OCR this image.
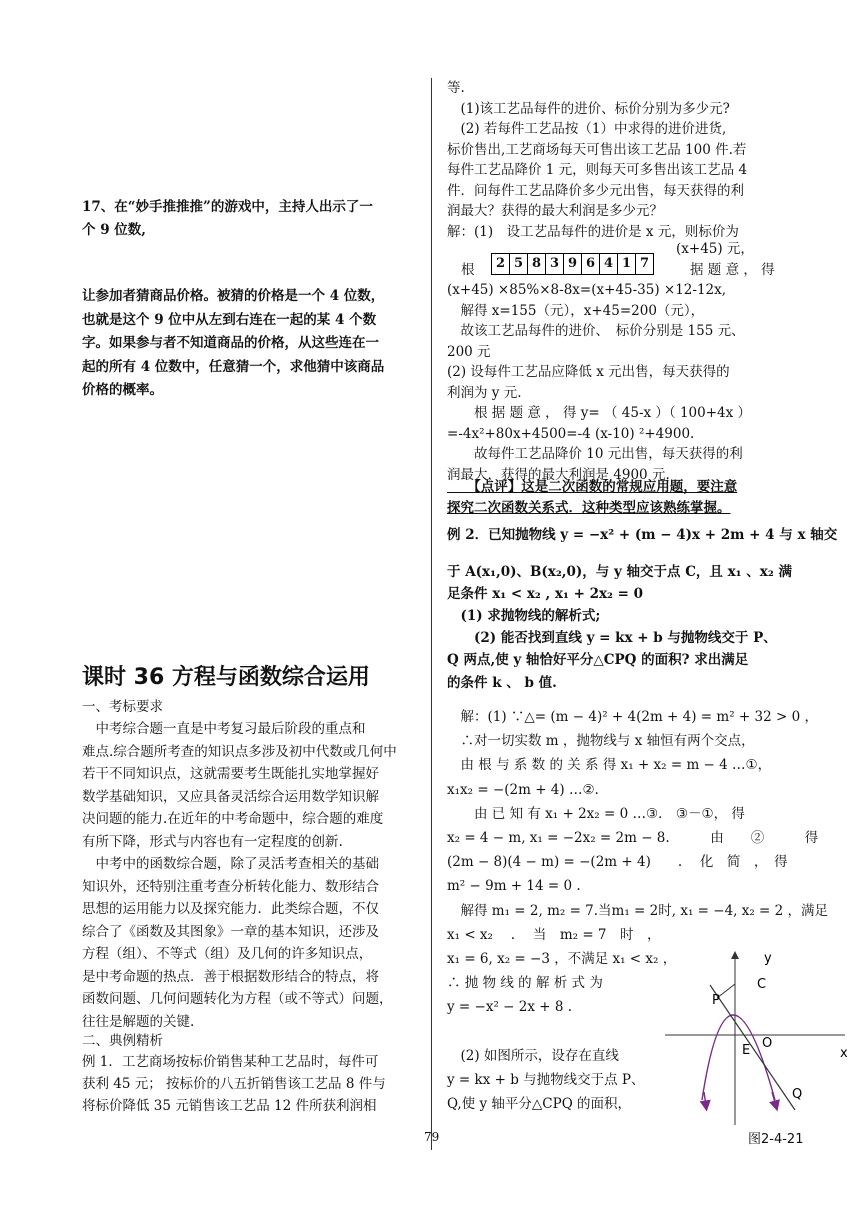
17、在“妙手推推推”的游戏中，主持人出示了一
个 9 位数,
让参加者猜商品价格。被猜的价格是一个 4 位数，
也就是这个 9 位中从左到右连在一起的某 4 个数
字。如果参与者不知道商品的价格，从这些连在一
起的所有 4 位数中，任意猜一个，求他猜中该商品
价格的概率。
课时 36 方程与函数综合运用
一、考标要求
　中考综合题一直是中考复习最后阶段的重点和
难点.综合题所考查的知识点多涉及初中代数或几何中
若干不同知识点，这就需要考生既能扎实地掌握好
数学基础知识，又应具备灵活综合运用数学知识解
决问题的能力.在近年的中考命题中，综合题的难度
有所下降，形式与内容也有一定程度的创新.
　中考中的函数综合题，除了灵活考查相关的基础
知识外，还特别注重考查分析转化能力、数形结合
思想的运用能力以及探究能力．此类综合题，不仅
综合了《函数及其图象》一章的基本知识，还涉及
方程（组）、不等式（组）及几何的许多知识点，
是中考命题的热点．善于根据数形结合的特点，将
函数问题、几何问题转化为方程（或不等式）问题，
往往是解题的关键.
二、典例精析
例 1．工艺商场按标价销售某种工艺品时，每件可
获利 45 元； 按标价的八五折销售该工艺品 8 件与
将标价降低 35 元销售该工艺品 12 件所获利润相
等.
　(1)该工艺品每件的进价、标价分别为多少元?
　(2) 若每件工艺品按（1）中求得的进价进货,
标价售出,工艺商场每天可售出该工艺品 100 件.若
每件工艺品降价 1 元，则每天可多售出该工艺品 4
件．问每件工艺品降价多少元出售，每天获得的利
润最大？获得的最大利润是多少元？
解：(1)　设工艺品每件的进价是 x 元，则标价为
(x+45) 元，
根	2 5 8 3 9 6 4 1 7	据 题 意 ， 得
(x+45) ×85%×8-8x=(x+45-35) ×12-12x,
　解得 x=155（元），x+45=200（元），
　故该工艺品每件的进价、　标价分别是 155 元、
200 元
(2) 设每件工艺品应降低 x 元出售，每天获得的
利润为 y 元.
　　根 据 题 意 ， 得 y= （ 45-x ）（ 100+4x ）
=-4x²+80x+4500=-4 (x-10) ²+4900.
　　故每件工艺品降价 10 元出售，每天获得的利
润最大，获得的最大利润是 4900 元.
　　【点评】这是二次函数的常规应用题，要注意
探究二次函数关系式．这种类型应该熟练掌握。
例 2．已知抛物线 y = −x² + (m − 4)x + 2m + 4 与 x 轴交
于 A(x₁,0)、B(x₂,0)，与 y 轴交于点 C，且 x₁ 、x₂ 满
足条件 x₁ < x₂ , x₁ + 2x₂ = 0
　(1) 求抛物线的解析式;
　　(2) 能否找到直线 y = kx + b 与抛物线交于 P、
Q 两点,使 y 轴恰好平分△CPQ 的面积? 求出满足
的条件 k 、 b 值.
　解：(1) ∵△= (m − 4)² + 4(2m + 4) = m² + 32 > 0 ，
　∴对一切实数 m ，抛物线与 x 轴恒有两个交点，
　由 根 与 系 数 的 关 系 得 x₁ + x₂ = m − 4 …①，
x₁x₂ = −(2m + 4) …②.
　　由 已 知 有 x₁ + 2x₂ = 0 …③． ③－①， 得
x₂ = 4 − m, x₁ = −2x₂ = 2m − 8.　　　由　　②　　　得
(2m − 8)(4 − m) = −(2m + 4)　　.　 化　简　，　得
m² − 9m + 14 = 0 .
　解得 m₁ = 2, m₂ = 7.当m₁ = 2时, x₁ = −4, x₂ = 2 ，满足
x₁ < x₂ 　.　 当　m₂ = 7　时　，
x₁ = 6, x₂ = −3 ，不满足 x₁ < x₂ ，
∴ 抛 物 线 的 解 析 式 为
y = −x² − 2x + 8 .
　(2) 如图所示，设存在直线
y = kx + b 与抛物线交于点 P、
Q,使 y 轴平分△CPQ 的面积，
y
x
C
P
E O
Q
图2-4-21
79
